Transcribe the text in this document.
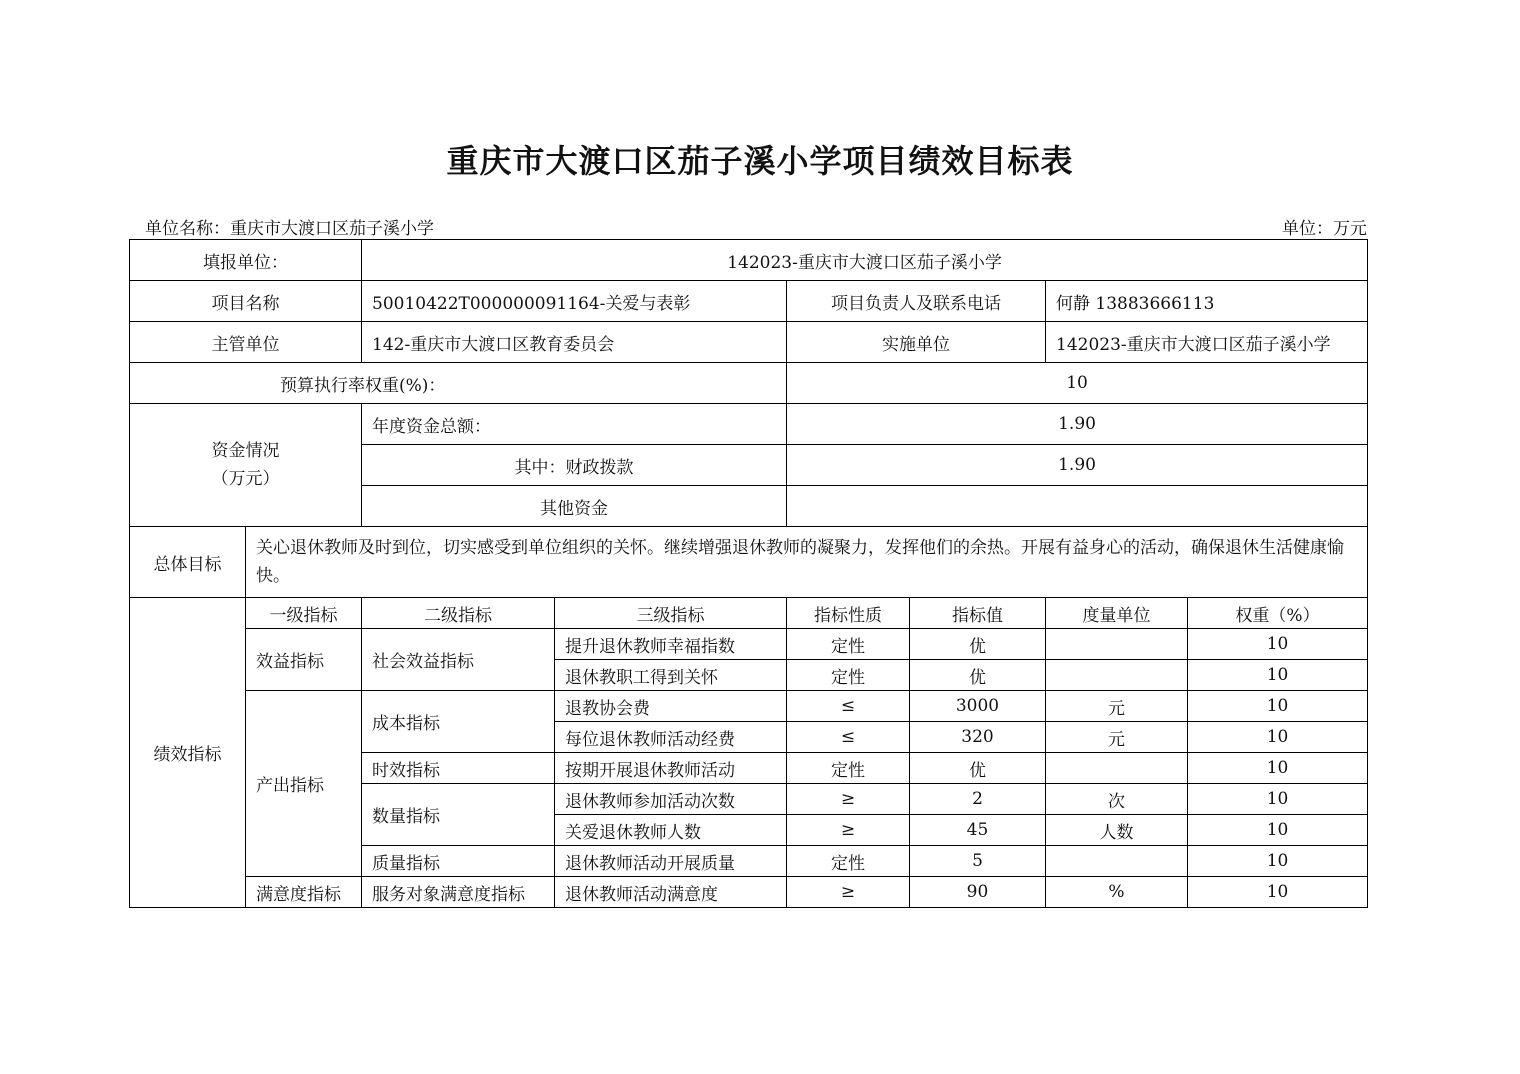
重庆市大渡口区茄子溪小学项目绩效目标表
单位名称：重庆市大渡口区茄子溪小学	单位：万元
填报单位：		142023-重庆市大渡口区茄子溪小学					
项目名称		50010422T000000091164-关爱与表彰		项目负责人及联系电话		何静 13883666113	
主管单位		142-重庆市大渡口区教育委员会		实施单位		142023-重庆市大渡口区茄子溪小学	
预算执行率权重(%)：				10			

资金情况
（万元）		年度资金总额：		1.90			
		其中：财政拨款		1.90			
		其他资金					
总体目标	关心退休教师及时到位，切实感受到单位组织的关怀。继续增强退休教师的凝聚力，发挥他们的余热。开展有益身心的活动，确保退休生活健康愉快。						
绩效指标	一级指标	二级指标	三级指标	指标性质	指标值	度量单位	权重（%）
	效益指标	社会效益指标	提升退休教师幸福指数	定性	优		10
			退休教职工得到关怀	定性	优		10
	产出指标	成本指标	退教协会费	≤	3000	元	10
			每位退休教师活动经费	≤	320	元	10
		时效指标	按期开展退休教师活动	定性	优		10
		数量指标	退休教师参加活动次数	≥	2	次	10
			关爱退休教师人数	≥	45	人数	10
		质量指标	退休教师活动开展质量	定性	5		10
	满意度指标	服务对象满意度指标	退休教师活动满意度	≥	90	%	10
